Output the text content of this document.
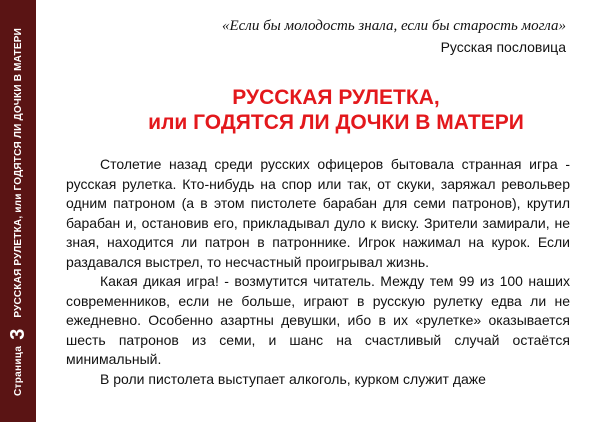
Страница
3
РУССКАЯ РУЛЕТКА, или ГОДЯТСЯ ЛИ ДОЧКИ В МАТЕРИ
«Если бы молодость знала, если бы старость могла»
Русская пословица
РУССКАЯ РУЛЕТКА,
или ГОДЯТСЯ ЛИ ДОЧКИ В МАТЕРИ

Столетие назад среди русских офицеров бытовала странная игра - русская рулетка. Кто-нибудь на спор или так, от скуки, заряжал револьвер одним патроном (а в этом пистолете барабан для семи патронов), крутил барабан и, остановив его, прикладывал дуло к виску. Зрители замирали, не зная, находится ли патрон в патроннике. Игрок нажимал на курок. Если раздавался выстрел, то несчастный проигрывал жизнь.

Какая дикая игра! - возмутится читатель. Между тем 99 из 100 наших современников, если не больше, играют в русскую рулетку едва ли не ежедневно. Особенно азартны девушки, ибо в их «рулетке» оказывается шесть патронов из семи, и шанс на счастливый случай остаётся минимальный.

В роли пистолета выступает алкоголь, курком служит даже
